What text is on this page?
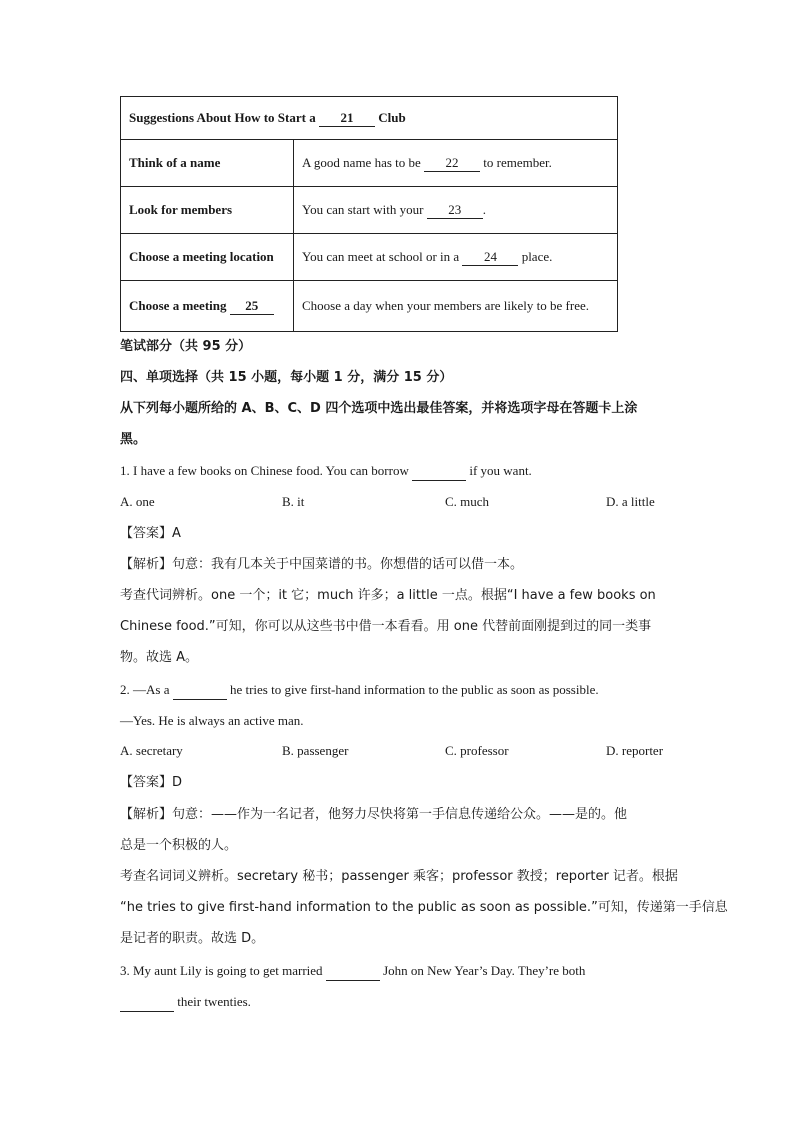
Suggestions About How to Start a 21 Club	
Think of a name	A good name has to be 22 to remember.
Look for members	You can start with your 23 .
Choose a meeting location	You can meet at school or in a 24 place.
Choose a meeting 25	Choose a day when your members are likely to be free.
笔试部分（共 95 分）
四、单项选择（共 15 小题，每小题 1 分，满分 15 分）
从下列每小题所给的 A、B、C、D 四个选项中选出最佳答案，并将选项字母在答题卡上涂
黑。
1. I have a few books on Chinese food. You can borrow	if you want.
A. one	B. it	C. much	D. a little
【答案】A
【解析】句意：我有几本关于中国菜谱的书。你想借的话可以借一本。
考查代词辨析。one 一个；it 它；much 许多；a little 一点。根据“I have a few books on
Chinese food.”可知，你可以从这些书中借一本看看。用 one 代替前面刚提到过的同一类事
物。故选 A。
2. —As a	he tries to give first-hand information to the public as soon as possible.
—Yes. He is always an active man.
A. secretary	B. passenger	C. professor	D. reporter
【答案】D
【解析】句意：——作为一名记者，他努力尽快将第一手信息传递给公众。——是的。他
总是一个积极的人。
考查名词词义辨析。secretary 秘书；passenger 乘客；professor 教授；reporter 记者。根据
“he tries to give first-hand information to the public as soon as possible.”可知，传递第一手信息
是记者的职责。故选 D。
3. My aunt Lily is going to get married	John on New Year’s Day. They’re both
their twenties.
